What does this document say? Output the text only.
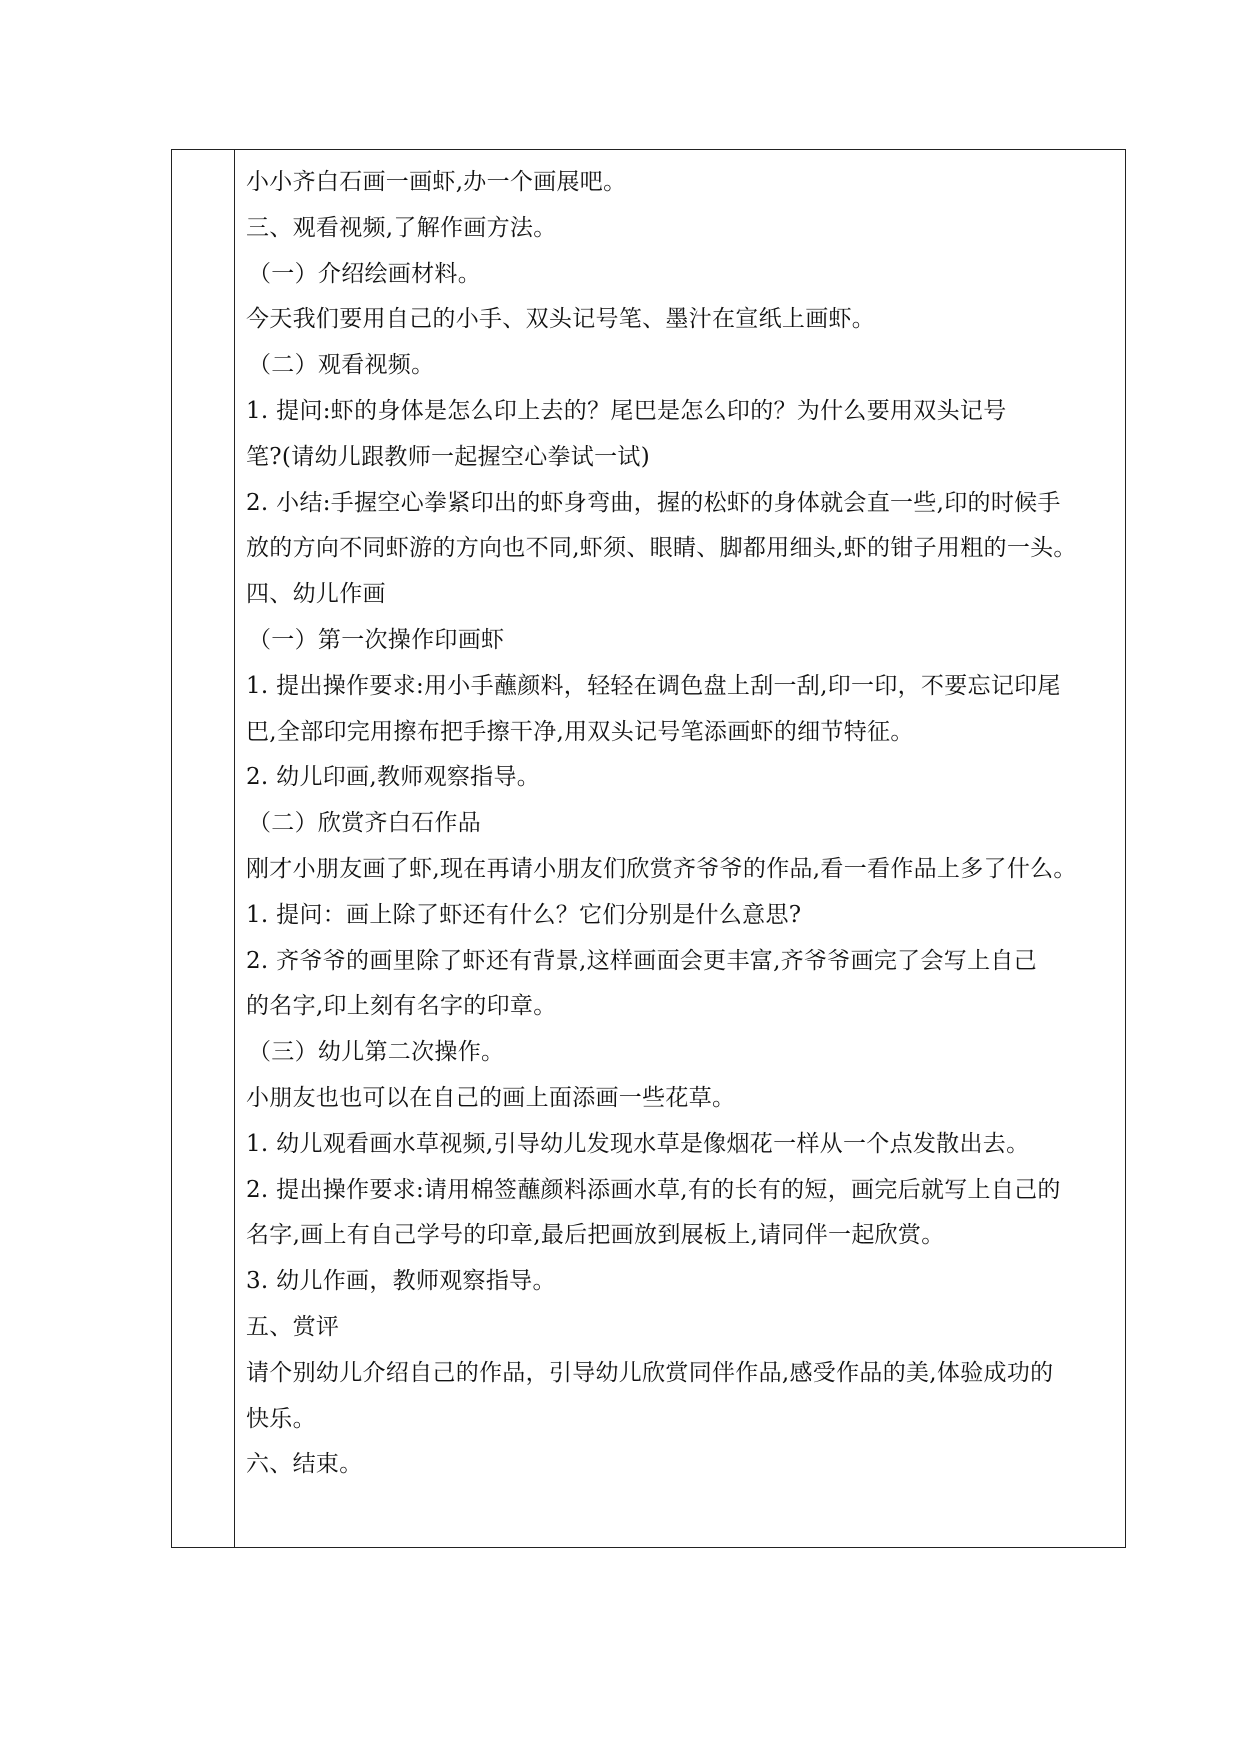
小小齐白石画一画虾,办一个画展吧。
三、观看视频,了解作画方法。
（一）介绍绘画材料。
今天我们要用自己的小手、双头记号笔、墨汁在宣纸上画虾。
（二）观看视频。
1. 提问:虾的身体是怎么印上去的？尾巴是怎么印的？为什么要用双头记号
笔?(请幼儿跟教师一起握空心拳试一试)
2. 小结:手握空心拳紧印出的虾身弯曲，握的松虾的身体就会直一些,印的时候手
放的方向不同虾游的方向也不同,虾须、眼睛、脚都用细头,虾的钳子用粗的一头。
四、幼儿作画
（一）第一次操作印画虾
1. 提出操作要求:用小手蘸颜料，轻轻在调色盘上刮一刮,印一印，不要忘记印尾
巴,全部印完用擦布把手擦干净,用双头记号笔添画虾的细节特征。
2. 幼儿印画,教师观察指导。
（二）欣赏齐白石作品
刚才小朋友画了虾,现在再请小朋友们欣赏齐爷爷的作品,看一看作品上多了什么。
1. 提问：画上除了虾还有什么？它们分别是什么意思?
2. 齐爷爷的画里除了虾还有背景,这样画面会更丰富,齐爷爷画完了会写上自己
的名字,印上刻有名字的印章。
（三）幼儿第二次操作。
小朋友也也可以在自己的画上面添画一些花草。
1. 幼儿观看画水草视频,引导幼儿发现水草是像烟花一样从一个点发散出去。
2. 提出操作要求:请用棉签蘸颜料添画水草,有的长有的短，画完后就写上自己的
名字,画上有自己学号的印章,最后把画放到展板上,请同伴一起欣赏。
3. 幼儿作画，教师观察指导。
五、赏评
请个别幼儿介绍自己的作品，引导幼儿欣赏同伴作品,感受作品的美,体验成功的
快乐。
六、结束。
